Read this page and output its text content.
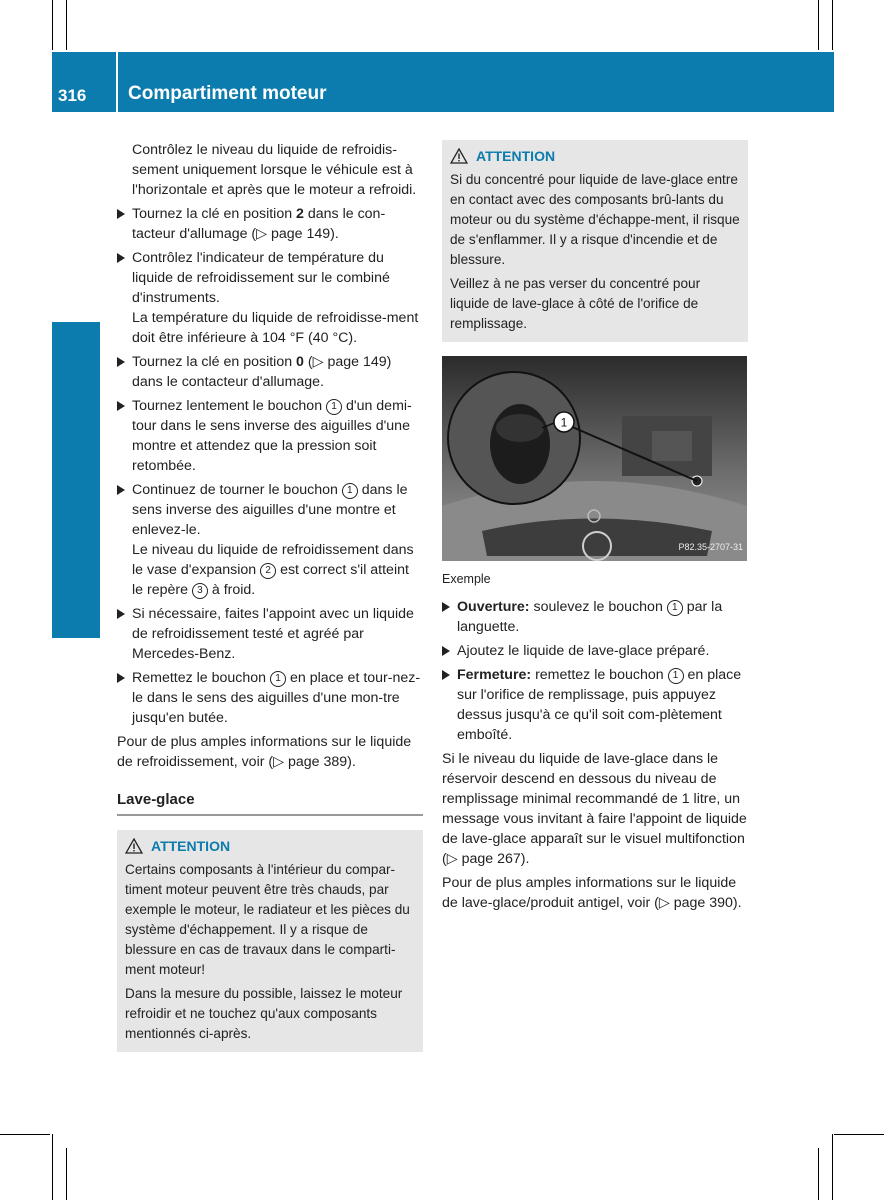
316 Compartiment moteur
Maintenance et entretien

Contrôlez le niveau du liquide de refroidis-sement uniquement lorsque le véhicule est à l'horizontale et après que le moteur a refroidi.

Tournez la clé en position 2 dans le con-tacteur d'allumage (▷ page 149).
Contrôlez l'indicateur de température du liquide de refroidissement sur le combiné d'instruments.
La température du liquide de refroidisse-ment doit être inférieure à 104 °F (40 °C).
Tournez la clé en position 0 (▷ page 149) dans le contacteur d'allumage.
Tournez lentement le bouchon 1 d'un demi-tour dans le sens inverse des aiguilles d'une montre et attendez que la pression soit retombée.
Continuez de tourner le bouchon 1 dans le sens inverse des aiguilles d'une montre et enlevez-le.
Le niveau du liquide de refroidissement dans le vase d'expansion 2 est correct s'il atteint le repère 3 à froid.
Si nécessaire, faites l'appoint avec un liquide de refroidissement testé et agréé par Mercedes-Benz.
Remettez le bouchon 1 en place et tour-nez-le dans le sens des aiguilles d'une mon-tre jusqu'en butée.

Pour de plus amples informations sur le liquide de refroidissement, voir (▷ page 389).

Lave-glace
ATTENTION

Certains composants à l'intérieur du compar-timent moteur peuvent être très chauds, par exemple le moteur, le radiateur et les pièces du système d'échappement. Il y a risque de blessure en cas de travaux dans le comparti-ment moteur!

Dans la mesure du possible, laissez le moteur refroidir et ne touchez qu'aux composants mentionnés ci-après.

ATTENTION

Si du concentré pour liquide de lave-glace entre en contact avec des composants brû-lants du moteur ou du système d'échappe-ment, il risque de s'enflammer. Il y a risque d'incendie et de blessure.

Veillez à ne pas verser du concentré pour liquide de lave-glace à côté de l'orifice de remplissage.

1
P82.35-2707-31
Exemple
Ouverture: soulevez le bouchon 1 par la languette.
Ajoutez le liquide de lave-glace préparé.
Fermeture: remettez le bouchon 1 en place sur l'orifice de remplissage, puis appuyez dessus jusqu'à ce qu'il soit com-plètement emboîté.

Si le niveau du liquide de lave-glace dans le réservoir descend en dessous du niveau de remplissage minimal recommandé de 1 litre, un message vous invitant à faire l'appoint de liquide de lave-glace apparaît sur le visuel multifonction (▷ page 267).

Pour de plus amples informations sur le liquide de lave-glace/produit antigel, voir (▷ page 390).
